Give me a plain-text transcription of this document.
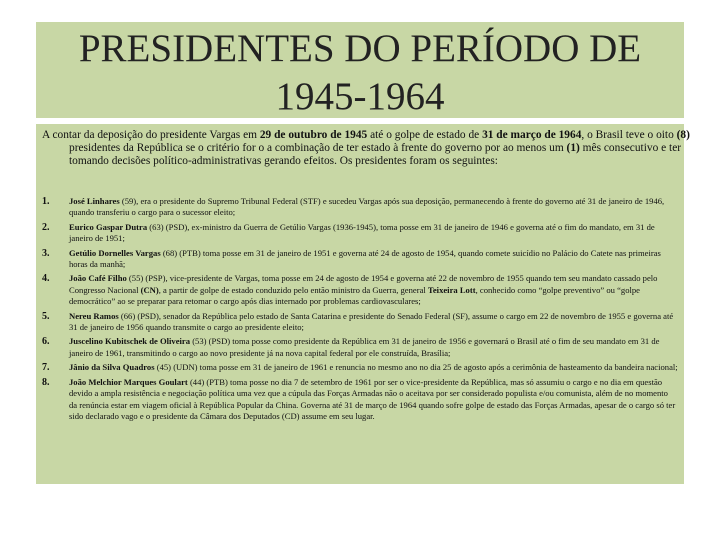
PRESIDENTES DO PERÍODO DE
1945-1964

A contar da deposição do presidente Vargas em 29 de outubro de 1945 até o golpe de estado de 31 de março de 1964, o Brasil teve o oito (8) presidentes da República se o critério for o a combinação de ter estado à frente do governo por ao menos um (1) mês consecutivo e ter tomando decisões político-administrativas gerando efeitos. Os presidentes foram os seguintes:

1.	José Linhares (59), era o presidente do Supremo Tribunal Federal (STF) e sucedeu Vargas após sua deposição, permanecendo à frente do governo até 31 de janeiro de 1946, quando transferiu o cargo para o sucessor eleito;
2.	Eurico Gaspar Dutra (63) (PSD), ex-ministro da Guerra de Getúlio Vargas (1936-1945), toma posse em 31 de janeiro de 1946 e governa até o fim do mandato, em 31 de janeiro de 1951;
3.	Getúlio Dornelles Vargas (68) (PTB) toma posse em 31 de janeiro de 1951 e governa até 24 de agosto de 1954, quando comete suicídio no Palácio do Catete nas primeiras horas da manhã;
4.	João Café Filho (55) (PSP), vice-presidente de Vargas, toma posse em 24 de agosto de 1954 e governa até 22 de novembro de 1955 quando tem seu mandato cassado pelo Congresso Nacional (CN), a partir de golpe de estado conduzido pelo então ministro da Guerra, general Teixeira Lott, conhecido como “golpe preventivo” ou “golpe democrático” ao se preparar para retomar o cargo após dias internado por problemas cardiovasculares;
5.	Nereu Ramos (66) (PSD), senador da República pelo estado de Santa Catarina e presidente do Senado Federal (SF), assume o cargo em 22 de novembro de 1955 e governa até 31 de janeiro de 1956 quando transmite o cargo ao presidente eleito;
6.	Juscelino Kubitschek de Oliveira (53) (PSD) toma posse como presidente da República em 31 de janeiro de 1956 e governará o Brasil até o fim de seu mandato em 31 de janeiro de 1961, transmitindo o cargo ao novo presidente já na nova capital federal por ele construída, Brasília;
7.	Jânio da Silva Quadros (45) (UDN) toma posse em 31 de janeiro de 1961 e renuncia no mesmo ano no dia 25 de agosto após a cerimônia de hasteamento da bandeira nacional;
8.	João Melchior Marques Goulart (44) (PTB) toma posse no dia 7 de setembro de 1961 por ser o vice-presidente da República, mas só assumiu o cargo e no dia em questão devido a ampla resistência e negociação política uma vez que a cúpula das Forças Armadas não o aceitava por ser considerado populista e/ou comunista, além de no momento da renúncia estar em viagem oficial à República Popular da China. Governa até 31 de março de 1964 quando sofre golpe de estado das Forças Armadas, apesar de o cargo só ter sido declarado vago e o presidente da Câmara dos Deputados (CD) assume em seu lugar.
